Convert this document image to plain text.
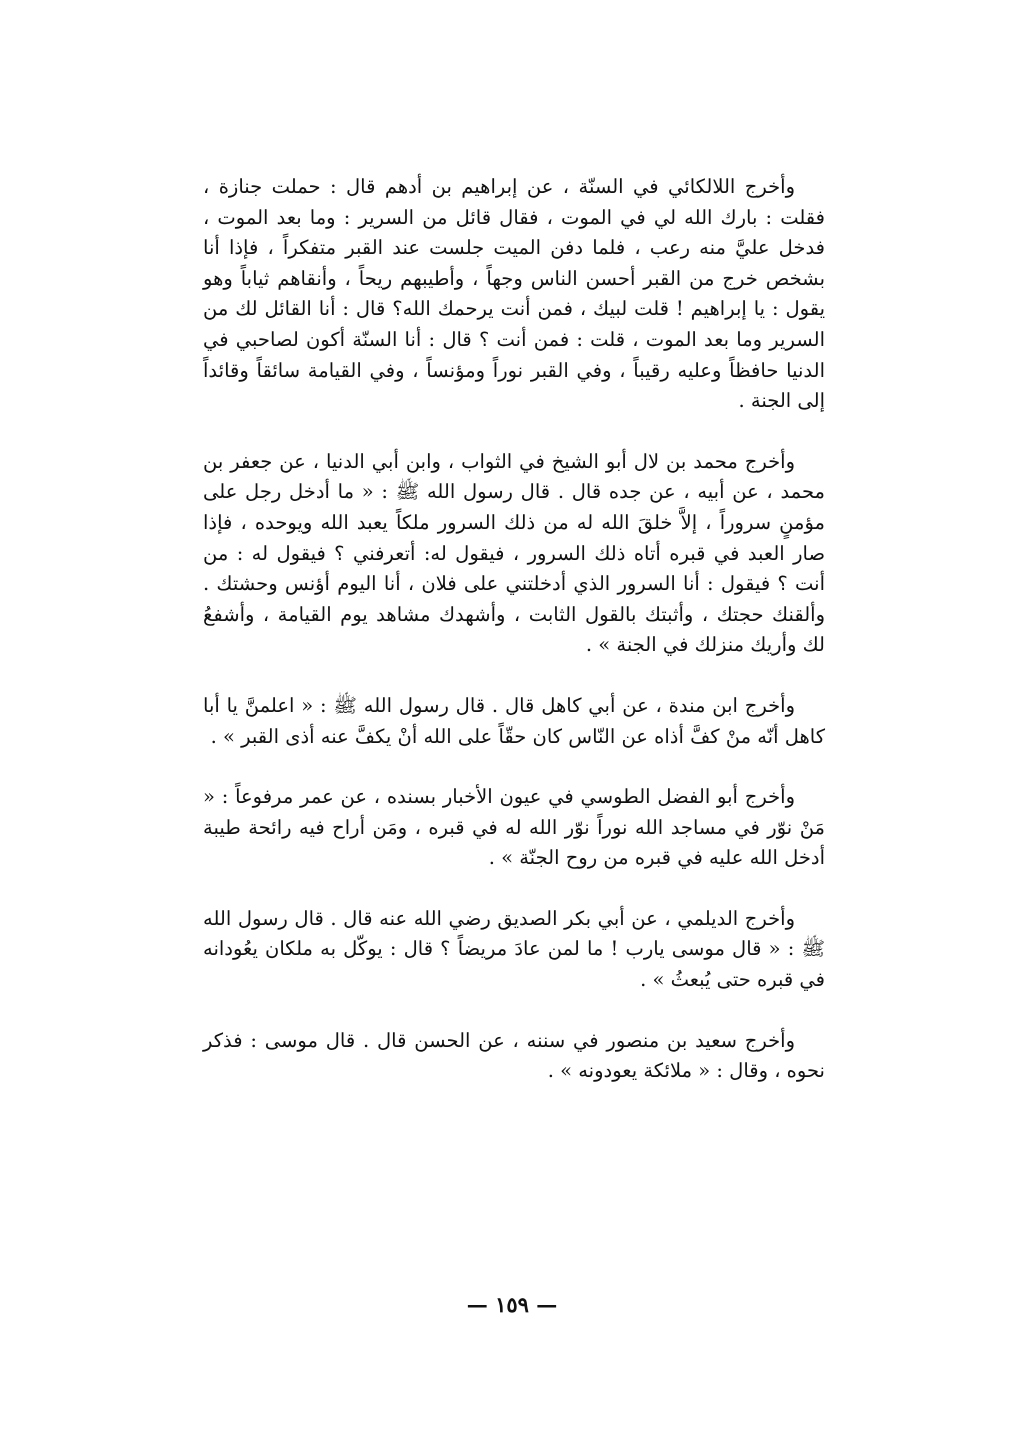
وأخرج اللالكائي في السنّة ، عن إبراهيم بن أدهم قال : حملت جنازة ، فقلت : بارك الله لي في الموت ، فقال قائل من السرير : وما بعد الموت ، فدخل عليَّ منه رعب ، فلما دفن الميت جلست عند القبر متفكراً ، فإذا أنا بشخص خرج من القبر أحسن الناس وجهاً ، وأطيبهم ريحاً ، وأنقاهم ثياباً وهو يقول : يا إبراهيم ! قلت لبيك ، فمن أنت يرحمك الله؟ قال : أنا القائل لك من السرير وما بعد الموت ، قلت : فمن أنت ؟ قال : أنا السنّة أكون لصاحبي في الدنيا حافظاً وعليه رقيباً ، وفي القبر نوراً ومؤنساً ، وفي القيامة سائقاً وقائداً إلى الجنة .

وأخرج محمد بن لال أبو الشيخ في الثواب ، وابن أبي الدنيا ، عن جعفر بن محمد ، عن أبيه ، عن جده قال . قال رسول الله ﷺ : « ما أدخل رجل على مؤمنٍ سروراً ، إلاَّ خلقَ الله له من ذلك السرور ملكاً يعبد الله ويوحده ، فإذا صار العبد في قبره أتاه ذلك السرور ، فيقول له: أتعرفني ؟ فيقول له : من أنت ؟ فيقول : أنا السرور الذي أدخلتني على فلان ، أنا اليوم أؤنس وحشتك . وألقنك حجتك ، وأثبتك بالقول الثابت ، وأشهدك مشاهد يوم القيامة ، وأشفعُ لك وأريك منزلك في الجنة » .

وأخرج ابن مندة ، عن أبي كاهل قال . قال رسول الله ﷺ : « اعلمنَّ يا أبا كاهل أنّه منْ كفَّ أذاه عن النّاس كان حقّاً على الله أنْ يكفَّ عنه أذى القبر » .

وأخرج أبو الفضل الطوسي في عيون الأخبار بسنده ، عن عمر مرفوعاً : « مَنْ نوّر في مساجد الله نوراً نوّر الله له في قبره ، ومَن أراح فيه رائحة طيبة أدخل الله عليه في قبره من روح الجنّة » .

وأخرج الديلمي ، عن أبي بكر الصديق رضي الله عنه قال . قال رسول الله ﷺ : « قال موسى يارب ! ما لمن عادَ مريضاً ؟ قال : يوكّل به ملكان يعُودانه في قبره حتى يُبعثُ » .

وأخرج سعيد بن منصور في سننه ، عن الحسن قال . قال موسى : فذكر نحوه ، وقال : « ملائكة يعودونه » .

— ١٥٩ —
